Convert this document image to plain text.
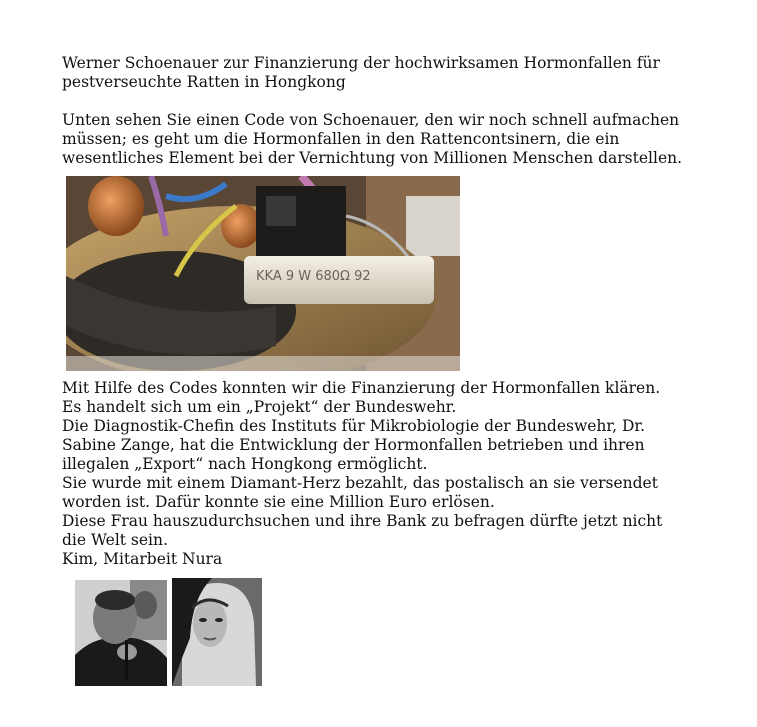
Werner Schoenauer zur Finanzierung der hochwirksamen Hormonfallen für

pestverseuchte Ratten in Hongkong

Unten sehen Sie einen Code von Schoenauer, den wir noch schnell aufmachen

müssen; es geht um die Hormonfallen in den Rattencontsinern, die ein

wesentliches Element bei der Vernichtung von Millionen Menschen darstellen.

KKA 9 W 680Ω 92

Mit Hilfe des Codes konnten wir die Finanzierung der Hormonfallen klären.

Es handelt sich um ein „Projekt“ der Bundeswehr.

Die Diagnostik-Chefin des Instituts für Mikrobiologie der Bundeswehr, Dr.

Sabine Zange, hat die Entwicklung der Hormonfallen betrieben und ihren

illegalen „Export“ nach Hongkong ermöglicht.

Sie wurde mit einem Diamant-Herz bezahlt, das postalisch an sie versendet

worden ist. Dafür konnte sie eine Million Euro erlösen.

Diese Frau hauszudurchsuchen und ihre Bank zu befragen dürfte jetzt nicht

die Welt sein.

Kim, Mitarbeit Nura
